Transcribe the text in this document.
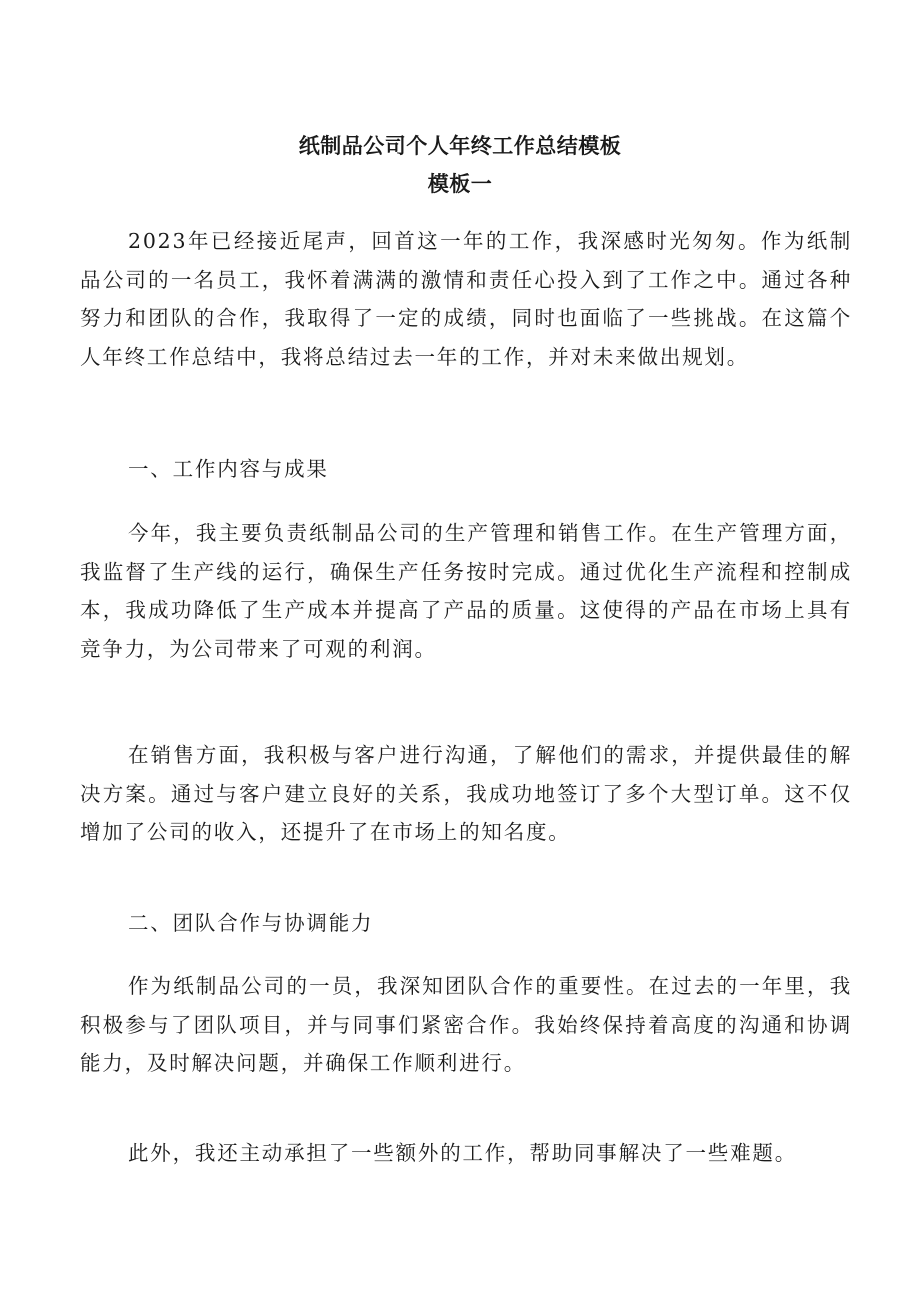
纸制品公司个人年终工作总结模板
模板一

2023年已经接近尾声，回首这一年的工作，我深感时光匆匆。作为纸制品公司的一名员工，我怀着满满的激情和责任心投入到了工作之中。通过各种努力和团队的合作，我取得了一定的成绩，同时也面临了一些挑战。在这篇个人年终工作总结中，我将总结过去一年的工作，并对未来做出规划。

一、工作内容与成果

今年，我主要负责纸制品公司的生产管理和销售工作。在生产管理方面，我监督了生产线的运行，确保生产任务按时完成。通过优化生产流程和控制成本，我成功降低了生产成本并提高了产品的质量。这使得的产品在市场上具有竞争力，为公司带来了可观的利润。

在销售方面，我积极与客户进行沟通，了解他们的需求，并提供最佳的解决方案。通过与客户建立良好的关系，我成功地签订了多个大型订单。这不仅增加了公司的收入，还提升了在市场上的知名度。

二、团队合作与协调能力

作为纸制品公司的一员，我深知团队合作的重要性。在过去的一年里，我积极参与了团队项目，并与同事们紧密合作。我始终保持着高度的沟通和协调能力，及时解决问题，并确保工作顺利进行。

此外，我还主动承担了一些额外的工作，帮助同事解决了一些难题。
